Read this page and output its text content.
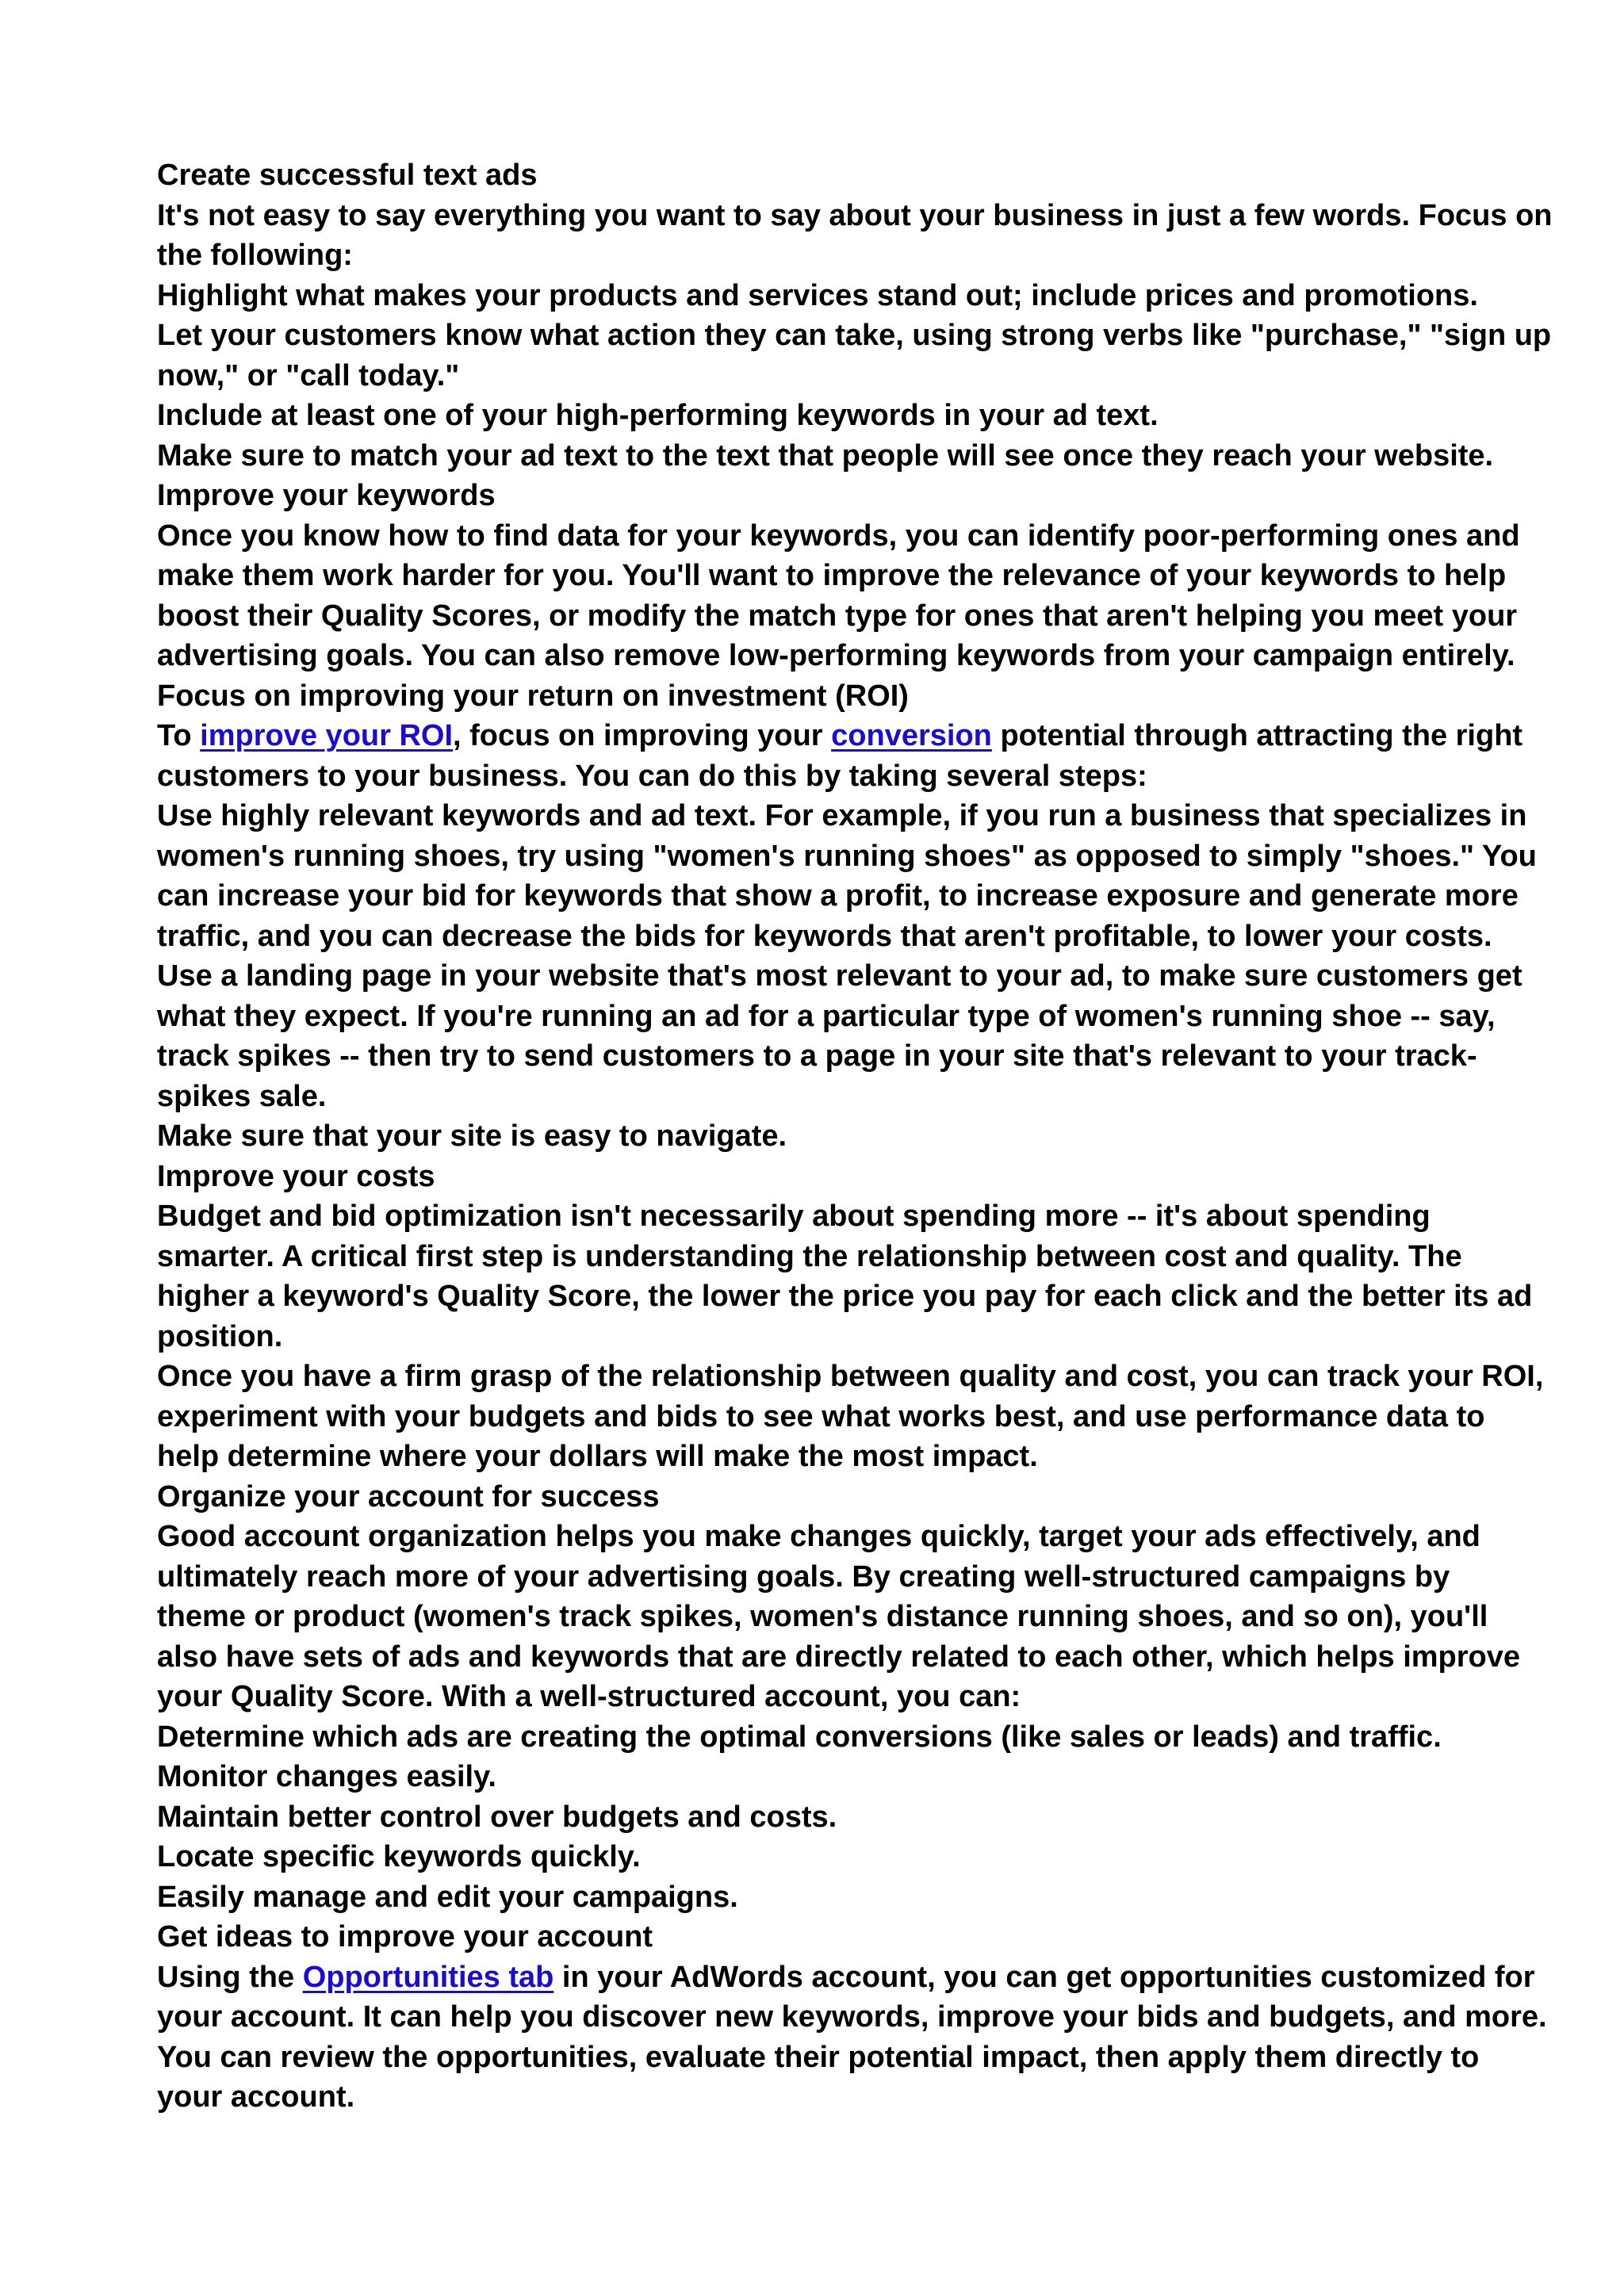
Create successful text ads
It's not easy to say everything you want to say about your business in just a few words. Focus on
the following:
Highlight what makes your products and services stand out; include prices and promotions.
Let your customers know what action they can take, using strong verbs like "purchase," "sign up
now," or "call today."
Include at least one of your high-performing keywords in your ad text.
Make sure to match your ad text to the text that people will see once they reach your website.
Improve your keywords
Once you know how to find data for your keywords, you can identify poor-performing ones and
make them work harder for you. You'll want to improve the relevance of your keywords to help
boost their Quality Scores, or modify the match type for ones that aren't helping you meet your
advertising goals. You can also remove low-performing keywords from your campaign entirely.
Focus on improving your return on investment (ROI)
To improve your ROI, focus on improving your conversion potential through attracting the right
customers to your business. You can do this by taking several steps:
Use highly relevant keywords and ad text. For example, if you run a business that specializes in
women's running shoes, try using "women's running shoes" as opposed to simply "shoes." You
can increase your bid for keywords that show a profit, to increase exposure and generate more
traffic, and you can decrease the bids for keywords that aren't profitable, to lower your costs.
Use a landing page in your website that's most relevant to your ad, to make sure customers get
what they expect. If you're running an ad for a particular type of women's running shoe -- say,
track spikes -- then try to send customers to a page in your site that's relevant to your track-
spikes sale.
Make sure that your site is easy to navigate.
Improve your costs
Budget and bid optimization isn't necessarily about spending more -- it's about spending
smarter. A critical first step is understanding the relationship between cost and quality. The
higher a keyword's Quality Score, the lower the price you pay for each click and the better its ad
position.
Once you have a firm grasp of the relationship between quality and cost, you can track your ROI,
experiment with your budgets and bids to see what works best, and use performance data to
help determine where your dollars will make the most impact.
Organize your account for success
Good account organization helps you make changes quickly, target your ads effectively, and
ultimately reach more of your advertising goals. By creating well-structured campaigns by
theme or product (women's track spikes, women's distance running shoes, and so on), you'll
also have sets of ads and keywords that are directly related to each other, which helps improve
your Quality Score. With a well-structured account, you can:
Determine which ads are creating the optimal conversions (like sales or leads) and traffic.
Monitor changes easily.
Maintain better control over budgets and costs.
Locate specific keywords quickly.
Easily manage and edit your campaigns.
Get ideas to improve your account
Using the Opportunities tab in your AdWords account, you can get opportunities customized for
your account. It can help you discover new keywords, improve your bids and budgets, and more.
You can review the opportunities, evaluate their potential impact, then apply them directly to
your account.
